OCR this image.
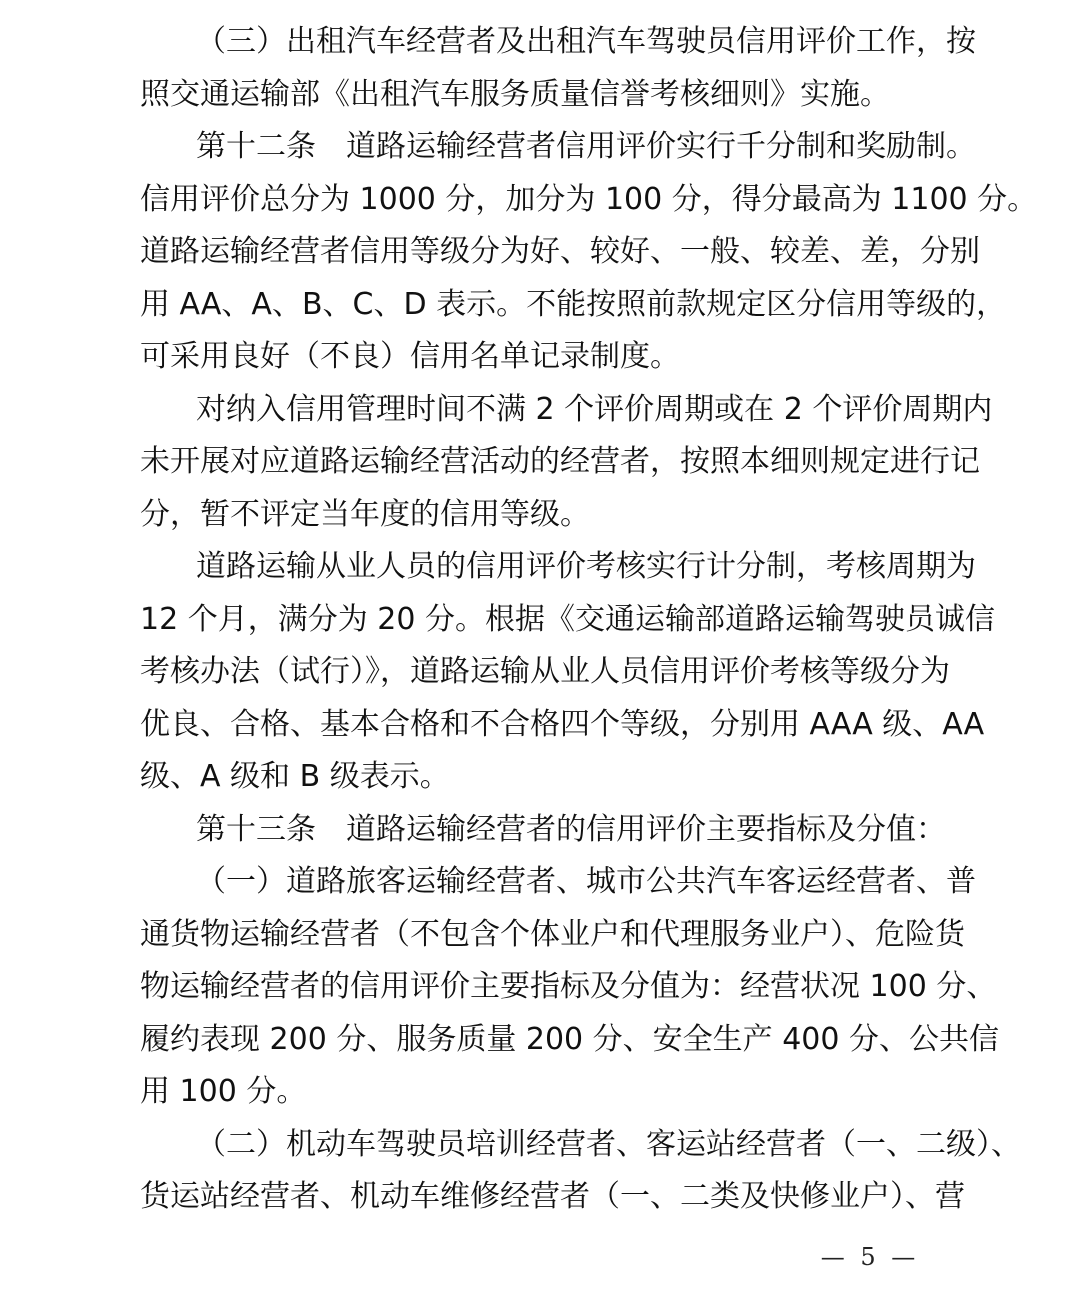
（三）出租汽车经营者及出租汽车驾驶员信用评价工作，按
照交通运输部《出租汽车服务质量信誉考核细则》实施。
第十二条　道路运输经营者信用评价实行千分制和奖励制。
信用评价总分为 1000 分，加分为 100 分，得分最高为 1100 分。
道路运输经营者信用等级分为好、较好、一般、较差、差，分别
用 AA、A、B、C、D 表示。不能按照前款规定区分信用等级的，
可采用良好（不良）信用名单记录制度。
对纳入信用管理时间不满 2 个评价周期或在 2 个评价周期内
未开展对应道路运输经营活动的经营者，按照本细则规定进行记
分，暂不评定当年度的信用等级。
道路运输从业人员的信用评价考核实行计分制，考核周期为
12 个月，满分为 20 分。根据《交通运输部道路运输驾驶员诚信
考核办法（试行）》，道路运输从业人员信用评价考核等级分为
优良、合格、基本合格和不合格四个等级，分别用 AAA 级、AA
级、A 级和 B 级表示。
第十三条　道路运输经营者的信用评价主要指标及分值：
（一）道路旅客运输经营者、城市公共汽车客运经营者、普
通货物运输经营者（不包含个体业户和代理服务业户）、危险货
物运输经营者的信用评价主要指标及分值为：经营状况 100 分、
履约表现 200 分、服务质量 200 分、安全生产 400 分、公共信
用 100 分。
（二）机动车驾驶员培训经营者、客运站经营者（一、二级）、
货运站经营者、机动车维修经营者（一、二类及快修业户）、营
— 5 —
